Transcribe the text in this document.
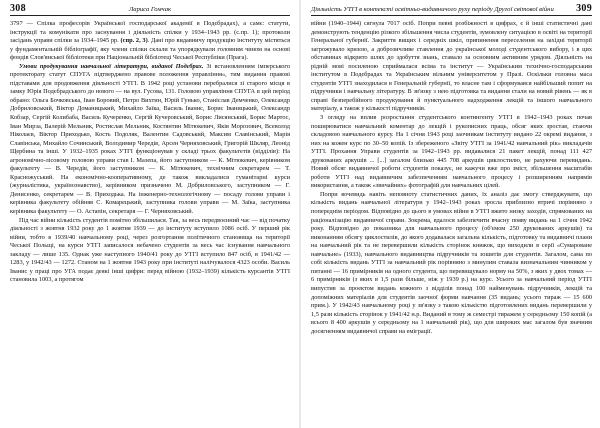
308	Лариса Гомчак

3797 — Спілка професорів Української господарської академії в Подєбрадах), а самє: статути, інструкції та комунікати про заснування і діяльність спілки у 1934–1943 рр. (с.пр. 1); протоколи засідань управи спілки за 1934–1945 рр. (спр. 2, 3). Дані про видавничу продукцію інституту містяться у фундаментальній бібліографії, яку члени спілки склали та упорядкували головним чином на основі фондів Слов'янської бібліотеки при Національній бібліотеці Чеської Республіки (Прага).

Умови продукування навчальної літератури, виданої Подєбрах. Зі встановленням імперського протекторату статут СПУГА підтверджено правове положення управління«, тим видання правові підставами для продовження діяльності УТГІ. В 1942 році установи перебралися зі старого місця в замку Юрія Подєбрадського до нового — на вул. Гусова, 131. Головою управління СПУГА в цей період обрано: Ольга Бочковська, Іван Боровий, Петро Вихтин, Юрій Гунько, Станіслав Демченко, Олександр Добриловський, Віктор Доманицький, Михайло Заїка, Василь Іванис, Борис Іваницький, Олександр Кобзар, Сергій Колибаба, Василь Кучеренко, Сергій Кучеровський, Борис Лисянський, Борис Мартос, Іван Мирза, Валерій Мельник, Ростислав Мельник, Костянтин Мітюкевич, Яків Морозович, Всеволод Ніколаєв, Віктор Приходько, Кость Подоляк, Валентин Садовський, Максим Славінський, Марія Славінська, Михайло Сочинський, Володимир Чередів, Арсен Черняховський, Григорій Шкляр, Леонід Щербина та інші. У 1932–1935 роках УТГІ функціонував у складі трьох факультетів (відділів): На агрономічно-лісовому головою управи став І. Мазепа, його заступником — К. Мітюкевич, керівником факультету — В. Чередів, його заступником — К. Мітюкевич, технічним секретарем — Т. Красножуський. На економічно-кооперативному, де також викладалися гуманітарні курси (журналістика, українознавство), керівником призначено М. Добриловського, заступником — Г. Денисенко, секретарем — В. Приходька. На інженерно-технологічному — посаду голови управи і керівника факультету обійняв С. Комарецький, заступника голови управи — М. Заїка, заступника керівника факультету — О. Астапін, секретаря — Г. Черняховський.

Під час війни кількість студентів помітно збільшилася. Так, за весь передвоєнний час — від початку діяльності з жовтня 1932 року до 1 жовтня 1939 — до інституту вступило 1086 осіб. У перший рік війни, тобто в 1939/40 навчальному році, через розгортання політичного становища на території Чеської Польщі, на курси УТГІ записалося небачено студентів за весь час існування навчального закладу — лише 135. Однак уже наступного 1940/41 року до УТГІ вступило 847 осіб, в 1941/42 — 1283, у 1942/43 — 1272. Станом на 1 жовтня 1943 року при інституті налічувалося 4323 особи. Василь Іванис у праці про УГА подає деякі інші цифри: перед війною (1932–1939) кількість курсантів УТГІ становила 1003, а протягом

Діяльність УТГІ в контексті освітньо-видавничого руху періоду Другої світової війни 309

війни (1940–1944) сягнула 7017 осіб. Попри певні розбіжності в цифрах, є й інші статистичні дані демонструють тенденцію різкого збільшення числа студентів, зумовлену ситуацією в освіті на території Генеральної губернії. Закриття вищих і середніх шкіл, припинення переселення на західні території загрожувало кризою, а доброзичливе ставлення до української молоді студентського вибору, і в цих обставинах відкрито шлях до здобуття знань, ставало за основним активним урядом. Діяльність на рідній мові посиленою сприймалася всіма та інститут — Українським технічно-господарським інститутом в Подєбрадах та Українським вільним університетом у Празі. Оскільки головна маса студентів УТГІ знаходилася в Генеральній губернії, то власне там і сформувався найбільший попит на підручники і навчальну літературу. В зв'язку з нею підготовка та видання стали на новий рівень — як в справі безперебійного продукування й пунктуального надходження лекцій та іншого навчального матеріалу, а також у кількості підручників.

З огляду на вплив розростання студентського контингенту УТГІ в 1942–1943 роках почав поширюватися навчальний коментар до лекцій і рукописних праць, обсяг яких зростав, стаючи складовою навчального курсу. На 1 січня 1943 році заочникам інституту видано 22 окремі видання, з них на кожен курс по 30–50 копій. Із збереженого «Звіту УТГІ за 1941/42 навчальний рік» викладачів УТГІ. Прохання Управи студентів за 1942–1943 рр. видавалися 21 пакет лекцій, понад 111 427 друкованих аркушів ... [...] загалом близько 445 708 аркушів циклостилю, не рахуючи перевидань. Новий обсяг видавничої роботи студентів показує, не кажучи вже про зміст, збільшення масштабів роботи УТГІ над видавничим забезпеченням навчального процесу і розширенням напрямів використання, а також «звичайних» фотографій для навчальних цілей.

Попри вочевидь навіть неповноту статистичних даних, їх аналіз дає змогу стверджувати, що кількість видань навчальної літератури у 1942–1943 роках зросла приблизно втричі порівняно з попереднім періодом. Відповідно до цього в умовах війни в УТГІ вжито низку заходів, спрямованих на раціоналізацію видавничої справи. Зокрема, вдалося забезпечити вчасну появу видань на 1 січня 1942 року. Відповідно до показника для навчального процесу (об'ємом 250 друкованих аркушів) та виконанням обсягу циклостилів, до якого додавалася загальна кількість, підготовку та видавничі плани на навчальний рік та не перевершили кількість сторінок книжок, що виходили в серії «Сумароване навчальне» (1933), навчального видавництва підручників та зошитів для студентів. Загалом, сама по собі кількість видань УТГІ за навчальний рік порівняно з минулим ставала визначальним чинником у питанні — 16 примірників на одного студента, що перевищувало норму на 50%, з яких у двох томах — 6 примірників (з яких в 1,5 рази більше, ніж у 1939 р.) на курс. Усього за навчальний період УТГІ випустив за проектом видань кожного з відділів понад 100 найменувань підручників, лекцій та допоміжних матеріалів для студентів заочної форми навчання (35 видань; усього тираж — 15 600 прим.). У 1942/43 навчальному році у зв'язку з такою кількістю підготовлених видань перевершили у 1,5 рази кількість сторінок у 1941/42 н.р. Виданий в тому ж семестрі тиражем у середньому 150 копій (а всього 8 400 аркушів у середньому на 1 навчальний рік), що для широких мас загалом був значним досягненням видавничої справи на еміграції.
